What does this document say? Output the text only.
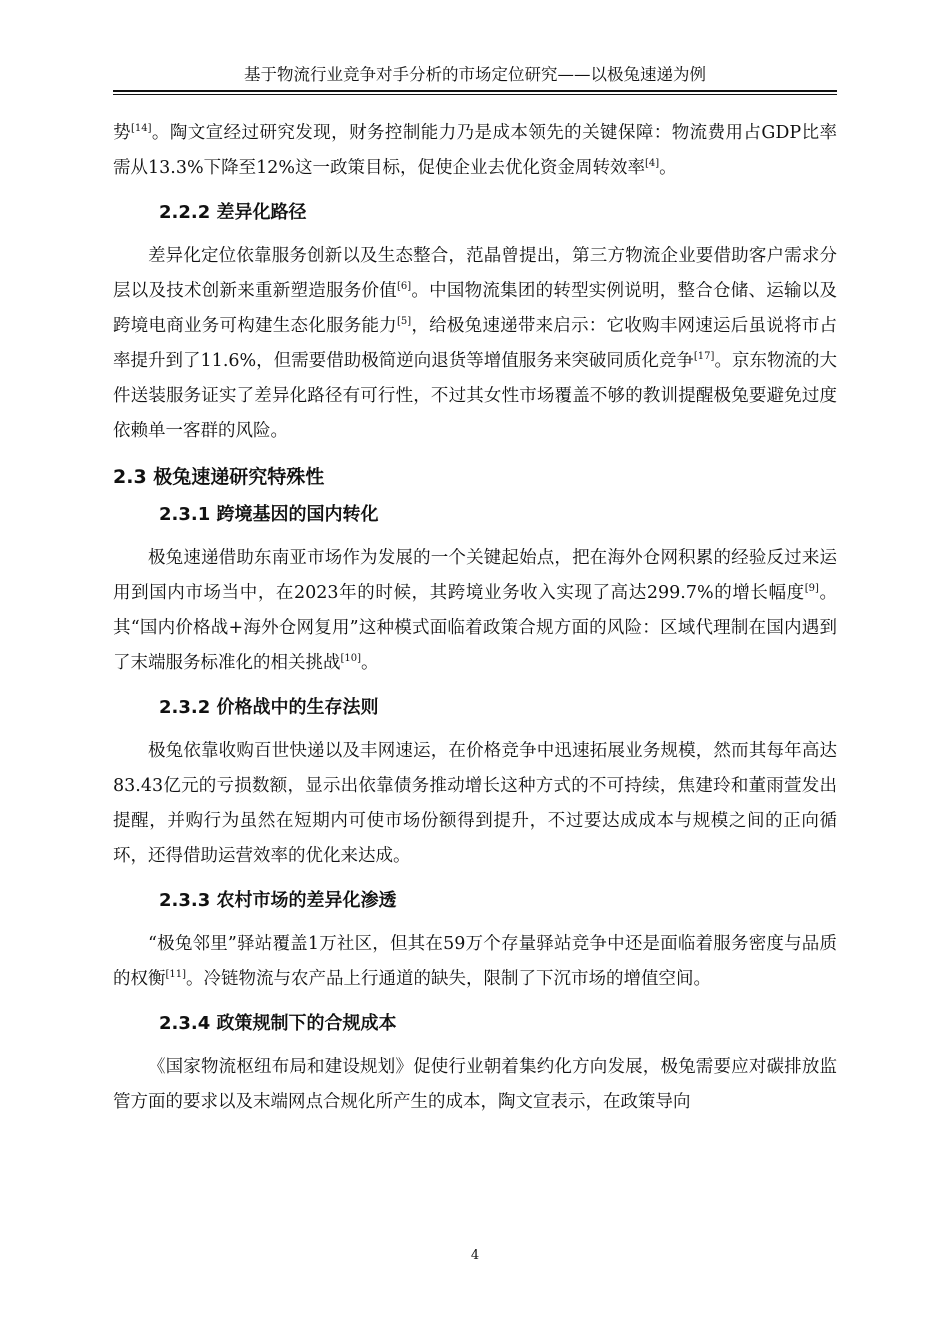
基于物流行业竞争对手分析的市场定位研究——以极兔速递为例

势[14]。陶文宣经过研究发现，财务控制能力乃是成本领先的关键保障：物流费用占GDP比率需从13.3%下降至12%这一政策目标，促使企业去优化资金周转效率[4]。

2.2.2 差异化路径

差异化定位依靠服务创新以及生态整合，范晶曾提出，第三方物流企业要借助客户需求分层以及技术创新来重新塑造服务价值[6]。中国物流集团的转型实例说明，整合仓储、运输以及跨境电商业务可构建生态化服务能力[5]，给极兔速递带来启示：它收购丰网速运后虽说将市占率提升到了11.6%，但需要借助极简逆向退货等增值服务来突破同质化竞争[17]。京东物流的大件送装服务证实了差异化路径有可行性，不过其女性市场覆盖不够的教训提醒极兔要避免过度依赖单一客群的风险。

2.3 极兔速递研究特殊性
2.3.1 跨境基因的国内转化

极兔速递借助东南亚市场作为发展的一个关键起始点，把在海外仓网积累的经验反过来运用到国内市场当中，在2023年的时候，其跨境业务收入实现了高达299.7%的增长幅度[9]。其“国内价格战+海外仓网复用”这种模式面临着政策合规方面的风险：区域代理制在国内遇到了末端服务标准化的相关挑战[10]。

2.3.2 价格战中的生存法则

极兔依靠收购百世快递以及丰网速运，在价格竞争中迅速拓展业务规模，然而其每年高达83.43亿元的亏损数额，显示出依靠债务推动增长这种方式的不可持续，焦建玲和董雨萱发出提醒，并购行为虽然在短期内可使市场份额得到提升，不过要达成成本与规模之间的正向循环，还得借助运营效率的优化来达成。

2.3.3 农村市场的差异化渗透

“极兔邻里”驿站覆盖1万社区，但其在59万个存量驿站竞争中还是面临着服务密度与品质的权衡[11]。冷链物流与农产品上行通道的缺失，限制了下沉市场的增值空间。

2.3.4 政策规制下的合规成本

《国家物流枢纽布局和建设规划》促使行业朝着集约化方向发展，极兔需要应对碳排放监管方面的要求以及末端网点合规化所产生的成本，陶文宣表示，在政策导向

4
